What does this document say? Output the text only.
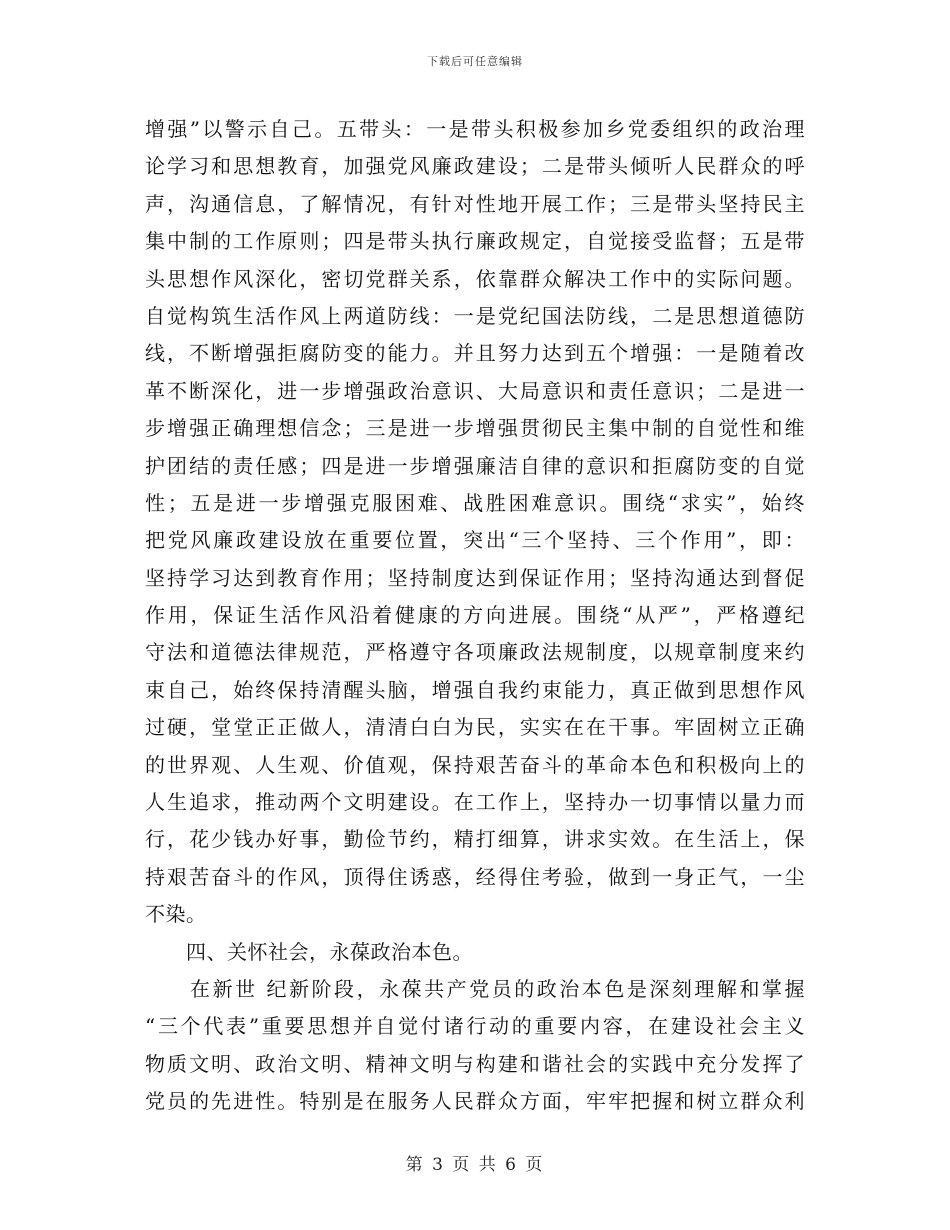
下载后可任意编辑
增强”以警示自己。五带头：一是带头积极参加乡党委组织的政治理
论学习和思想教育，加强党风廉政建设；二是带头倾听人民群众的呼
声，沟通信息，了解情况，有针对性地开展工作；三是带头坚持民主
集中制的工作原则；四是带头执行廉政规定，自觉接受监督；五是带
头思想作风深化，密切党群关系，依靠群众解决工作中的实际问题。
自觉构筑生活作风上两道防线：一是党纪国法防线，二是思想道德防
线，不断增强拒腐防变的能力。并且努力达到五个增强：一是随着改
革不断深化，进一步增强政治意识、大局意识和责任意识；二是进一
步增强正确理想信念；三是进一步增强贯彻民主集中制的自觉性和维
护团结的责任感；四是进一步增强廉洁自律的意识和拒腐防变的自觉
性；五是进一步增强克服困难、战胜困难意识。围绕“求实”，始终
把党风廉政建设放在重要位置，突出“三个坚持、三个作用”，即：
坚持学习达到教育作用；坚持制度达到保证作用；坚持沟通达到督促
作用，保证生活作风沿着健康的方向进展。围绕“从严”，严格遵纪
守法和道德法律规范，严格遵守各项廉政法规制度，以规章制度来约
束自己，始终保持清醒头脑，增强自我约束能力，真正做到思想作风
过硬，堂堂正正做人，清清白白为民，实实在在干事。牢固树立正确
的世界观、人生观、价值观，保持艰苦奋斗的革命本色和积极向上的
人生追求，推动两个文明建设。在工作上，坚持办一切事情以量力而
行，花少钱办好事，勤俭节约，精打细算，讲求实效。在生活上，保
持艰苦奋斗的作风，顶得住诱惑，经得住考验，做到一身正气，一尘
不染。
　　四、关怀社会，永葆政治本色。
　　在新世 纪新阶段，永葆共产党员的政治本色是深刻理解和掌握
“三个代表”重要思想并自觉付诸行动的重要内容，在建设社会主义
物质文明、政治文明、精神文明与构建和谐社会的实践中充分发挥了
党员的先进性。特别是在服务人民群众方面，牢牢把握和树立群众利
第 3 页 共 6 页
